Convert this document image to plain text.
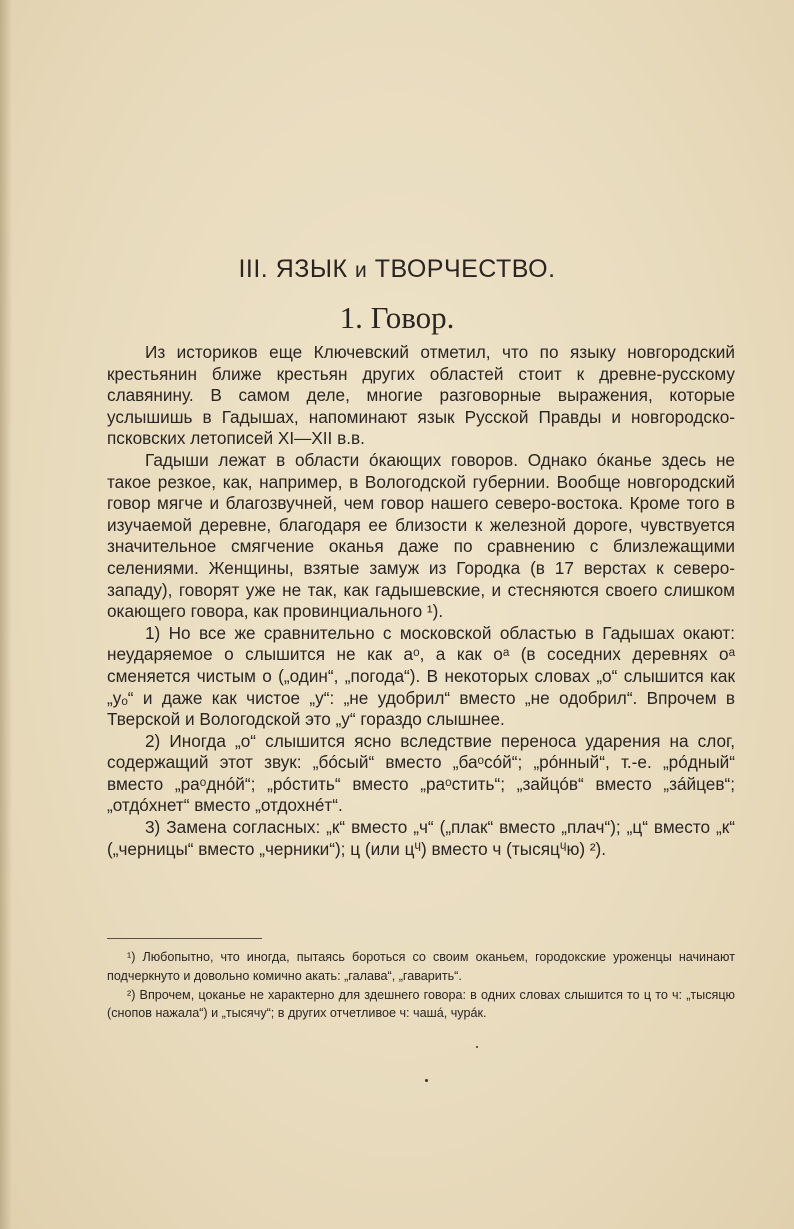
III. ЯЗЫК и ТВОРЧЕСТВО.
1. Говор.

Из историков еще Ключевский отметил, что по языку новгородский крестьянин ближе крестьян других областей стоит к древне-русскому славянину. В самом деле, многие разговорные выражения, которые услышишь в Гадышах, напоминают язык Русской Правды и новгородско-псковских летописей XI—XII в.в.

Гадыши лежат в области óкающих говоров. Однако óканье здесь не такое резкое, как, например, в Вологодской губернии. Вообще новгородский говор мягче и благозвучней, чем говор нашего северо-востока. Кроме того в изучаемой деревне, благодаря ее близости к железной дороге, чувствуется значительное смягчение оканья даже по сравнению с близлежащими селениями. Женщины, взятые замуж из Городка (в 17 верстах к северо-западу), говорят уже не так, как гадышевские, и стесняются своего слишком окающего говора, как провинциального ¹).

1) Но все же сравнительно с московской областью в Гадышах окают: неударяемое о слышится не как аᵒ, а как оᵃ (в соседних деревнях оᵃ сменяется чистым о („один“, „погода“). В некоторых словах „о“ слышится как „уₒ“ и даже как чистое „у“: „не удобрил“ вместо „не одобрил“. Впрочем в Тверской и Вологодской это „у“ гораздо слышнее.

2) Иногда „о“ слышится ясно вследствие переноса ударения на слог, содержащий этот звук: „бóсый“ вместо „баᵒсóй“; „рóнный“, т.-е. „рóдный“ вместо „раᵒднóй“; „рóстить“ вместо „раᵒстить“; „зайцóв“ вместо „зáйцев“; „отдóхнет“ вместо „отдохнéт“.

3) Замена согласных: „к“ вместо „ч“ („плак“ вместо „плач“); „ц“ вместо „к“ („черницы“ вместо „черники“); ц (или цᶣ) вместо ч (тысяцᶣю) ²).

¹) Любопытно, что иногда, пытаясь бороться со своим оканьем, городокские уроженцы начинают подчеркнуто и довольно комично акать: „галава“, „гаварить“.

²) Впрочем, цоканье не характерно для здешнего говора: в одних словах слышится то ц то ч: „тысяцю (снопов нажала“) и „тысячу“; в других отчетливое ч: чашá, чурáк.
